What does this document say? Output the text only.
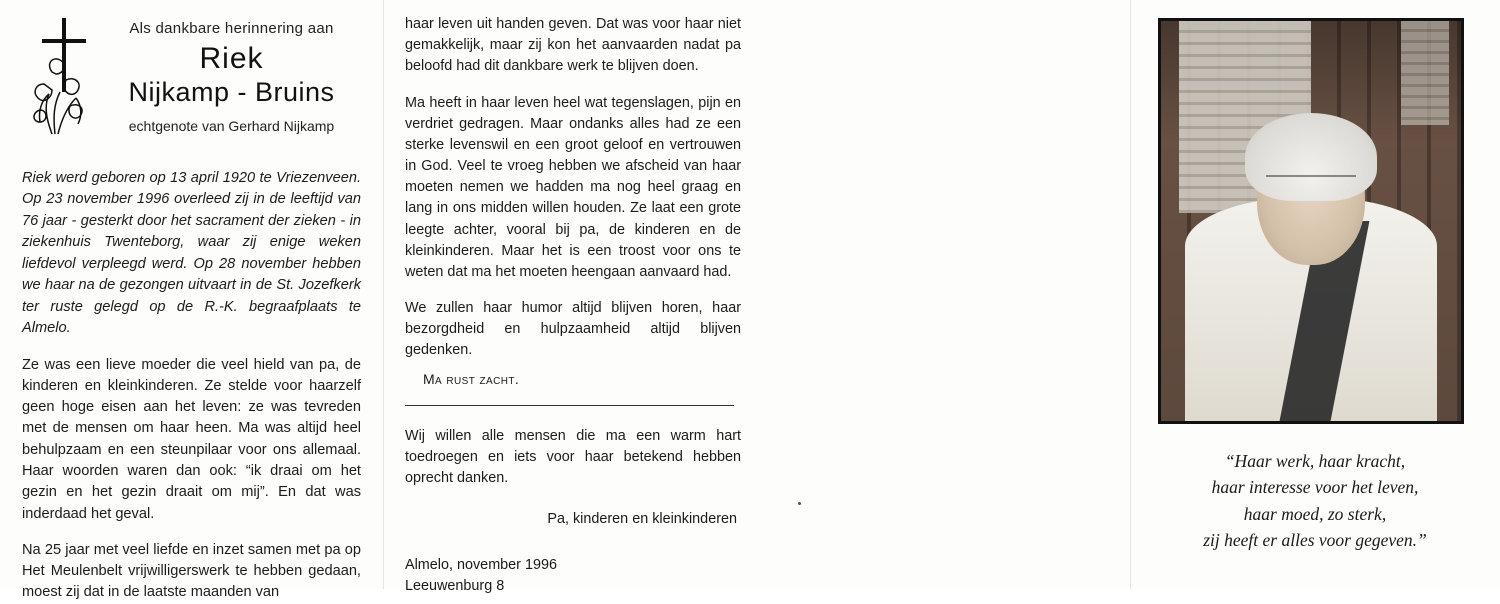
Als dankbare herinnering aan
Riek
Nijkamp - Bruins
echtgenote van Gerhard Nijkamp
Riek werd geboren op 13 april 1920 te Vriezenveen. Op 23 november 1996 overleed zij in de leeftijd van 76 jaar - gesterkt door het sacrament der zieken - in ziekenhuis Twenteborg, waar zij enige weken liefdevol verpleegd werd. Op 28 november hebben we haar na de gezongen uitvaart in de St. Jozefkerk ter ruste gelegd op de R.-K. begraafplaats te Almelo.
Ze was een lieve moeder die veel hield van pa, de kinderen en kleinkinderen. Ze stelde voor haarzelf geen hoge eisen aan het leven: ze was tevreden met de mensen om haar heen. Ma was altijd heel behulpzaam en een steunpilaar voor ons allemaal. Haar woorden waren dan ook: “ik draai om het gezin en het gezin draait om mij”. En dat was inderdaad het geval.
Na 25 jaar met veel liefde en inzet samen met pa op Het Meulenbelt vrijwilligerswerk te hebben gedaan, moest zij dat in de laatste maanden van
haar leven uit handen geven. Dat was voor haar niet gemakkelijk, maar zij kon het aanvaarden nadat pa beloofd had dit dankbare werk te blijven doen.
Ma heeft in haar leven heel wat tegenslagen, pijn en verdriet gedragen. Maar ondanks alles had ze een sterke levenswil en een groot geloof en vertrouwen in God. Veel te vroeg hebben we afscheid van haar moeten nemen we hadden ma nog heel graag en lang in ons midden willen houden. Ze laat een grote leegte achter, vooral bij pa, de kinderen en de kleinkinderen. Maar het is een troost voor ons te weten dat ma het moeten heengaan aanvaard had.
We zullen haar humor altijd blijven horen, haar bezorgdheid en hulpzaamheid altijd blijven gedenken.
Ma rust zacht.
Wij willen alle mensen die ma een warm hart toedroegen en iets voor haar betekend hebben oprecht danken.
Pa, kinderen en kleinkinderen
Almelo, november 1996
Leeuwenburg 8
“Haar werk, haar kracht,
haar interesse voor het leven,
haar moed, zo sterk,
zij heeft er alles voor gegeven.”
